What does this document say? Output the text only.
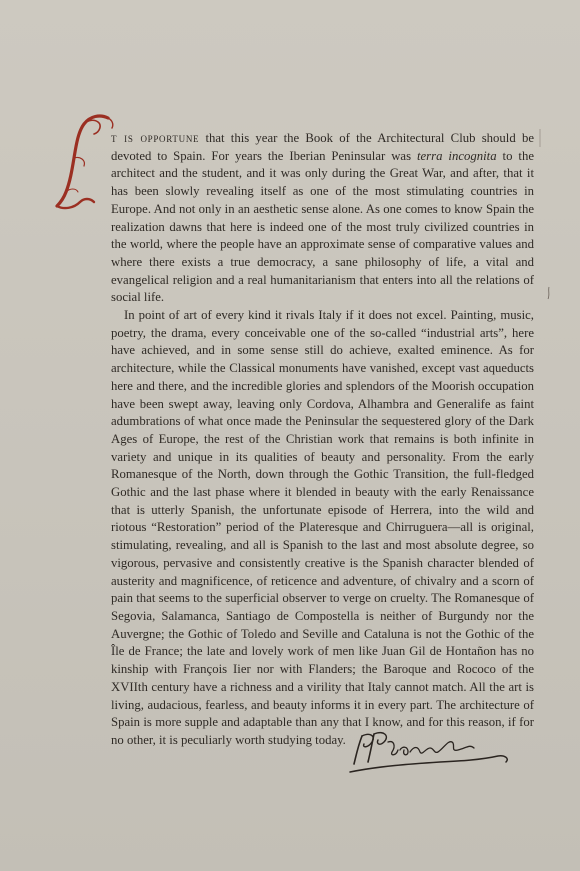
t is opportune that this year the Book of the Architectural Club should be devoted to Spain. For years the Iberian Peninsular was terra incognita to the architect and the student, and it was only during the Great War, and after, that it has been slowly revealing itself as one of the most stimulating countries in Europe. And not only in an aesthetic sense alone. As one comes to know Spain the realization dawns that here is indeed one of the most truly civilized countries in the world, where the people have an approximate sense of comparative values and where there exists a true democracy, a sane philosophy of life, a vital and evangelical religion and a real humanitarianism that enters into all the relations of social life.

In point of art of every kind it rivals Italy if it does not excel. Painting, music, poetry, the drama, every conceivable one of the so-called “industrial arts”, here have achieved, and in some sense still do achieve, exalted eminence. As for architecture, while the Classical monuments have vanished, except vast aqueducts here and there, and the incredible glories and splendors of the Moorish occupation have been swept away, leaving only Cordova, Alhambra and Generalife as faint adumbrations of what once made the Peninsular the sequestered glory of the Dark Ages of Europe, the rest of the Christian work that remains is both infinite in variety and unique in its qualities of beauty and personality. From the early Romanesque of the North, down through the Gothic Transition, the full-fledged Gothic and the last phase where it blended in beauty with the early Renaissance that is utterly Spanish, the unfortunate episode of Herrera, into the wild and riotous “Restoration” period of the Plateresque and Chirruguera—all is original, stimulating, revealing, and all is Spanish to the last and most absolute degree, so vigorous, pervasive and consistently creative is the Spanish character blended of austerity and magnificence, of reticence and adventure, of chivalry and a scorn of pain that seems to the superficial observer to verge on cruelty. The Romanesque of Segovia, Salamanca, Santiago de Compostella is neither of Burgundy nor the Auvergne; the Gothic of Toledo and Seville and Cataluna is not the Gothic of the Île de France; the late and lovely work of men like Juan Gil de Hontañon has no kinship with François Iier nor with Flanders; the Baroque and Rococo of the XVIIth century have a richness and a virility that Italy cannot match. All the art is living, audacious, fearless, and beauty informs it in every part. The architecture of Spain is more supple and adaptable than any that I know, and for this reason, if for no other, it is peculiarly worth studying today.
